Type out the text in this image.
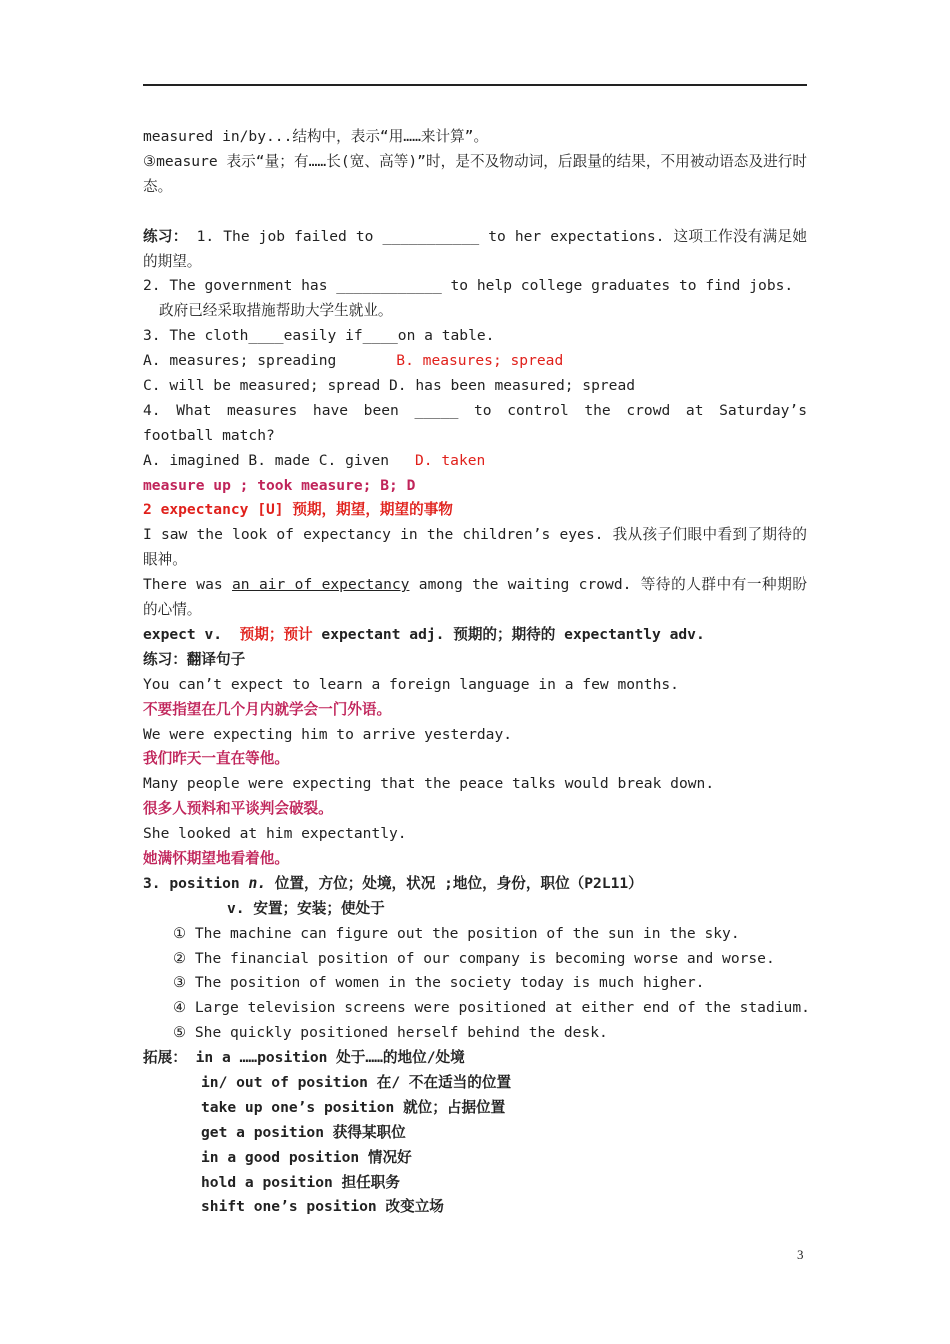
measured in/by...结构中，表示“用……来计算”。
③measure 表示“量；有……长(宽、高等)”时，是不及物动词，后跟量的结果，不用被动语态及进行时态。
练习： 1. The job failed to ___________ to her expectations. 这项工作没有满足她的期望。
2. The government has ____________ to help college graduates to find jobs.
政府已经采取措施帮助大学生就业。
3. The cloth____easily if____on a table.
A. measures; spreading	B. measures; spread
C. will be measured; spread D. has been measured; spread
4. What measures have been _____ to control the crowd at Saturday’s football match?
A. imagined B. made C. given D. taken
measure up ; took measure; B; D
2 expectancy [U] 预期，期望，期望的事物
I saw the look of expectancy in the children’s eyes. 我从孩子们眼中看到了期待的眼神。
There was an air of expectancy among the waiting crowd. 等待的人群中有一种期盼的心情。
expect v. 预期；预计 expectant adj. 预期的；期待的 expectantly adv.
练习：翻译句子
You can’t expect to learn a foreign language in a few months.
不要指望在几个月内就学会一门外语。
We were expecting him to arrive yesterday.
我们昨天一直在等他。
Many people were expecting that the peace talks would break down.
很多人预料和平谈判会破裂。
She looked at him expectantly.
她满怀期望地看着他。
3. position n. 位置，方位；处境，状况 ;地位，身份，职位（P2L11）
v. 安置；安装；使处于
① The machine can figure out the position of the sun in the sky.
② The financial position of our company is becoming worse and worse.
③ The position of women in the society today is much higher.
④ Large television screens were positioned at either end of the stadium.
⑤ She quickly positioned herself behind the desk.
拓展： in a ……position 处于……的地位/处境
in/ out of position 在/ 不在适当的位置
take up one’s position 就位；占据位置
get a position 获得某职位
in a good position 情况好
hold a position 担任职务
shift one’s position 改变立场
3
